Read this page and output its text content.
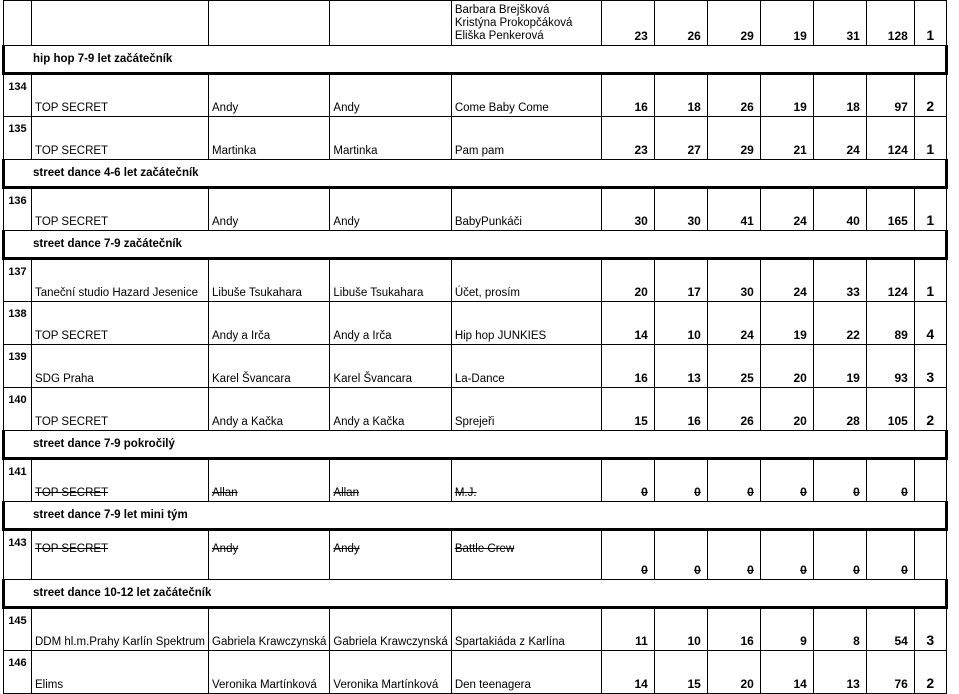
				Barbara Brejšková
Kristýna Prokopčáková
Eliška Penkerová	23	26	29	19	31	128	1
hip hop 7-9 let začátečník											
134	TOP SECRET	Andy	Andy	Come Baby Come	16	18	26	19	18	97	2
135	TOP SECRET	Martinka	Martinka	Pam pam	23	27	29	21	24	124	1
street dance 4-6 let začátečník											
136	TOP SECRET	Andy	Andy	BabyPunkáči	30	30	41	24	40	165	1
street dance 7-9 začátečník											
137	Taneční studio Hazard Jesenice	Libuše Tsukahara	Libuše Tsukahara	Účet, prosím	20	17	30	24	33	124	1
138	TOP SECRET	Andy a Irča	Andy a Irča	Hip hop JUNKIES	14	10	24	19	22	89	4
139	SDG Praha	Karel Švancara	Karel Švancara	La-Dance	16	13	25	20	19	93	3
140	TOP SECRET	Andy a Kačka	Andy a Kačka	Sprejeři	15	16	26	20	28	105	2
street dance 7-9 pokročilý											
141	TOP SECRET	Allan	Allan	M.J.	0	0	0	0	0	0	
street dance 7-9 let mini tým											
143	TOP SECRET	Andy	Andy	Battle Crew	0	0	0	0	0	0	
street dance 10-12 let začátečník											
145	DDM hl.m.Prahy Karlín Spektrum	Gabriela Krawczynská	Gabriela Krawczynská	Spartakiáda z Karlína	11	10	16	9	8	54	3
146	Elims	Veronika Martínková	Veronika Martínková	Den teenagera	14	15	20	14	13	76	2
